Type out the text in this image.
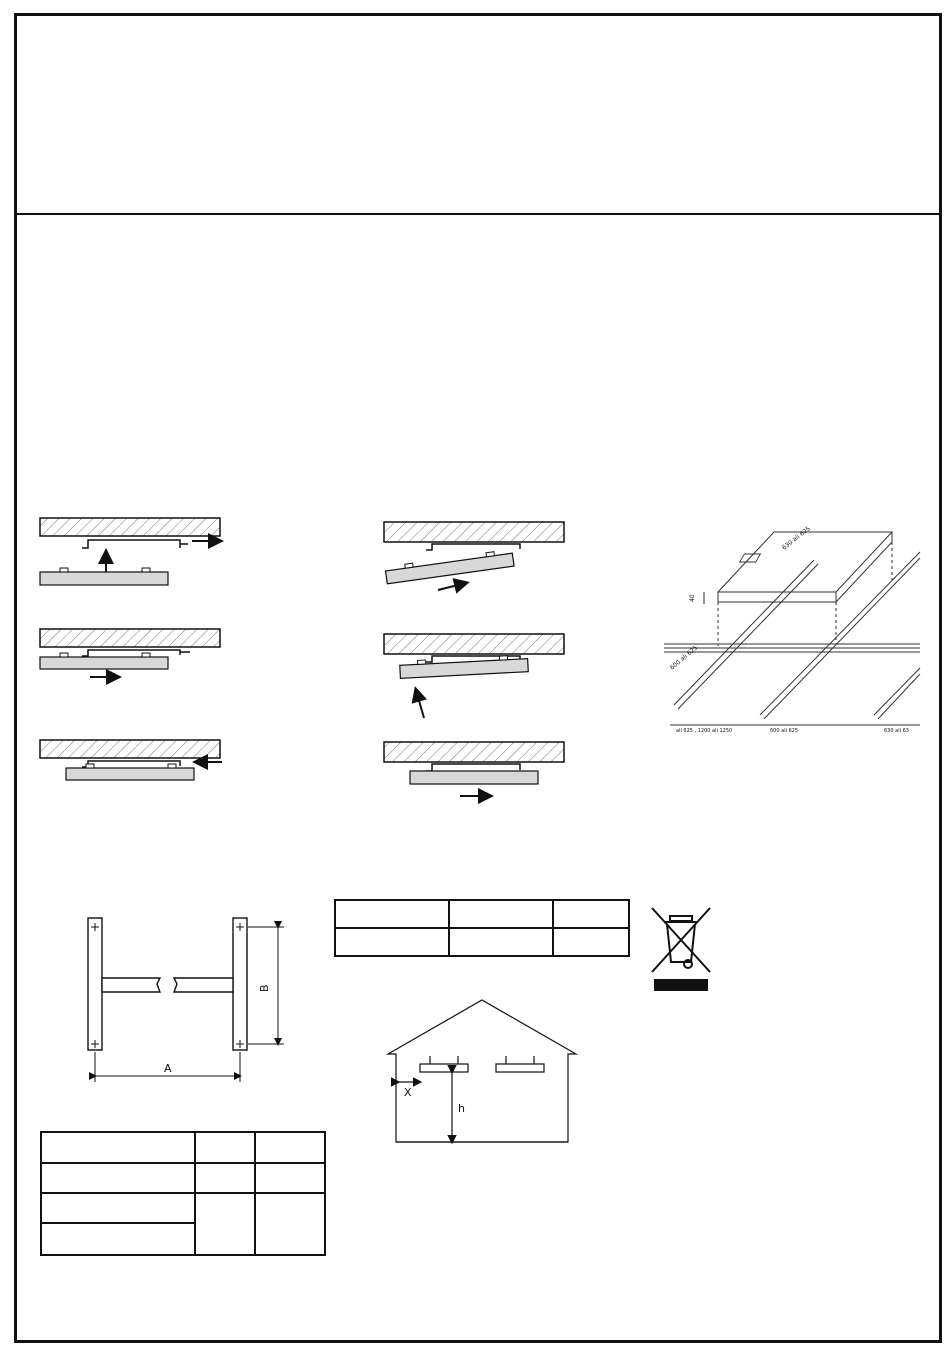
630 ali 625
40
600 ali 625
ali 625 , 1200 ali 1250	600 ali 625	630 ali 63
B
A
X
h
